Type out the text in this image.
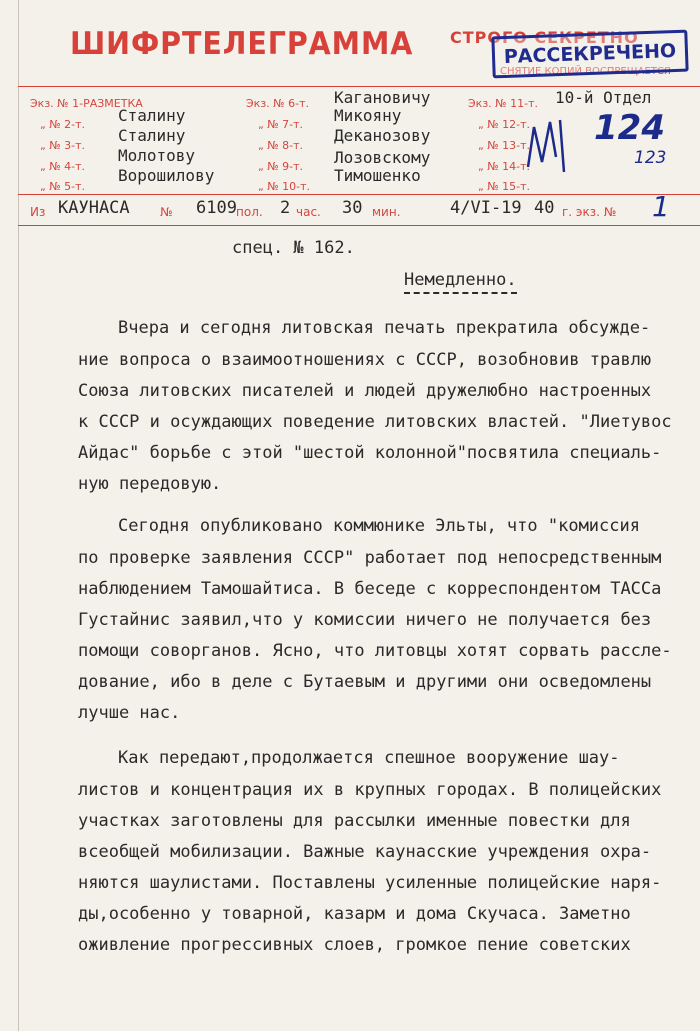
ШИФРТЕЛЕГРАММА СТРОГО СЕКРЕТНО
СНЯТИЕ КОПИЙ ВОСПРЕЩАЕТСЯ
РАССЕКРЕЧЕНО
Экз. № 1-РАЗМЕТКА
„ № 2-т.
„ № 3-т.
„ № 4-т.
„ № 5-т.
Сталину
Сталину
Молотову
Ворошилову
Экз. № 6-т.
„ № 7-т.
„ № 8-т.
„ № 9-т.
„ № 10-т.
Кагановичу
Микояну
Деканозову
Лозовскому
Тимошенко
Экз. № 11-т.
„ № 12-т.
„ № 13-т.
„ № 14-т.
„ № 15-т.
10-й Отдел
124
123
Из КАУНАСА	№ 6109 пол. 2 час. 30 мин.	4/VI-19 40 г. экз. № 1
спец. № 162.
Немедленно.
Вчера и сегодня литовская печать прекратила обсужде-
ние вопроса о взаимоотношениях с СССР, возобновив травлю
Союза литовских писателей и людей дружелюбно настроенных
к СССР и осуждающих поведение литовских властей. "Лиетувос
Айдас" борьбе с этой "шестой колонной"посвятила специаль-
ную передовую.
Сегодня опубликовано коммюнике Эльты, что "комиссия
по проверке заявления СССР" работает под непосредственным
наблюдением Тамошайтиса. В беседе с корреспондентом ТАССа
Густайнис заявил,что у комиссии ничего не получается без
помощи соворганов. Ясно, что литовцы хотят сорвать рассле-
дование, ибо в деле с Бутаевым и другими они осведомлены
лучше нас.
Как передают,продолжается спешное вооружение шау-
листов и концентрация их в крупных городах. В полицейских
участках заготовлены для рассылки именные повестки для
всеобщей мобилизации. Важные каунасские учреждения охра-
няются шаулистами. Поставлены усиленные полицейские наря-
ды,особенно у товарной, казарм и дома Скучаса. Заметно
оживление прогрессивных слоев, громкое пение советских
